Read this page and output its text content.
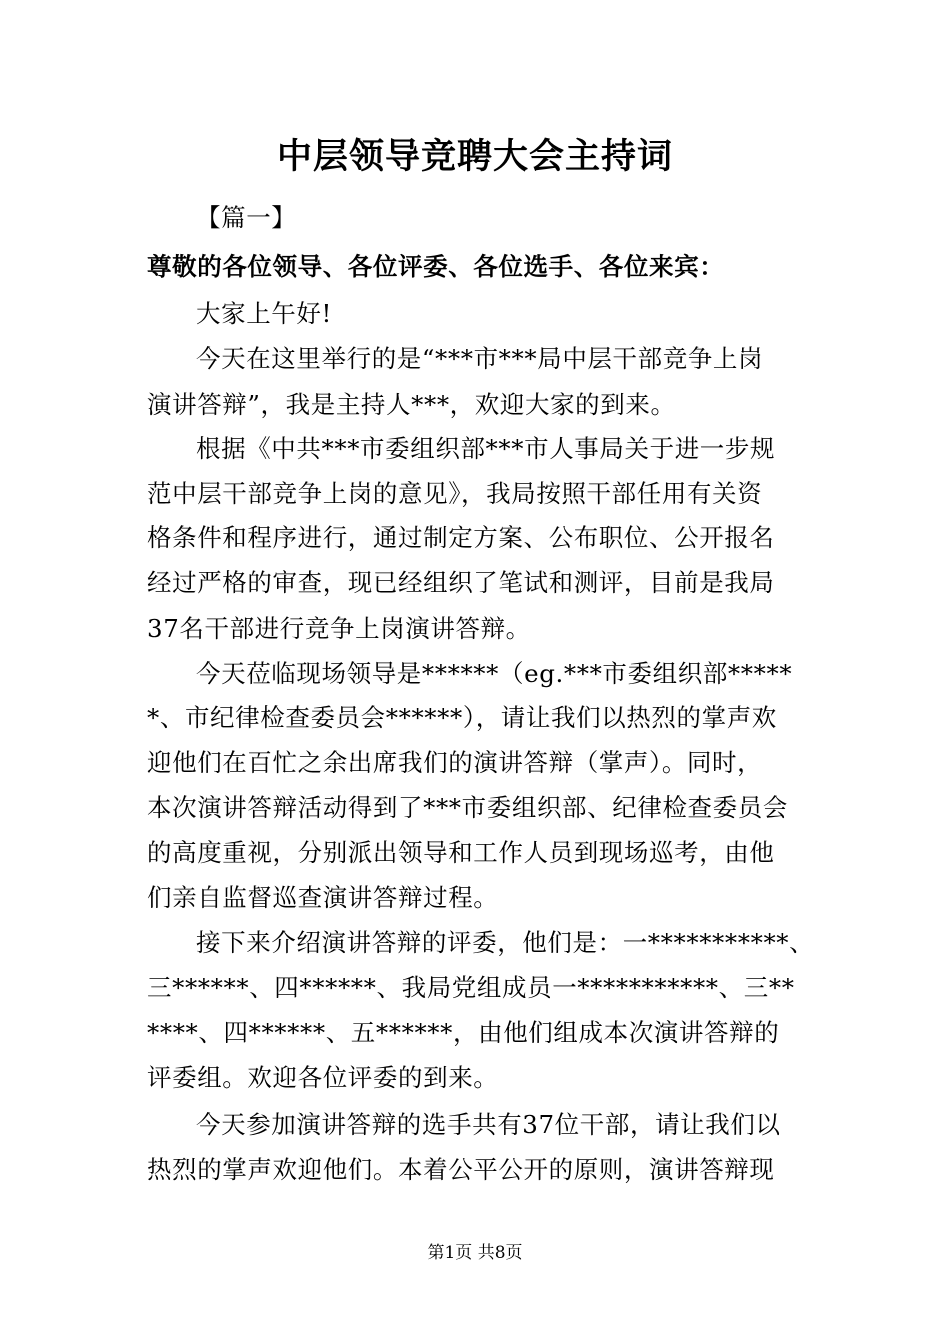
中层领导竞聘大会主持词

【篇一】

尊敬的各位领导、各位评委、各位选手、各位来宾：

大家上午好!

今天在这里举行的是“***市***局中层干部竞争上岗

演讲答辩”，我是主持人***，欢迎大家的到来。

根据《中共***市委组织部***市人事局关于进一步规

范中层干部竞争上岗的意见》，我局按照干部任用有关资

格条件和程序进行，通过制定方案、公布职位、公开报名

经过严格的审查，现已经组织了笔试和测评，目前是我局

37名干部进行竞争上岗演讲答辩。

今天莅临现场领导是******（eg.***市委组织部*****

*、市纪律检查委员会******），请让我们以热烈的掌声欢

迎他们在百忙之余出席我们的演讲答辩（掌声）。同时，

本次演讲答辩活动得到了***市委组织部、纪律检查委员会

的高度重视，分别派出领导和工作人员到现场巡考，由他

们亲自监督巡查演讲答辩过程。

接下来介绍演讲答辩的评委，他们是：一***********、

三******、四******、我局党组成员一***********、三**

****、四******、五******，由他们组成本次演讲答辩的

评委组。欢迎各位评委的到来。

今天参加演讲答辩的选手共有37位干部，请让我们以

热烈的掌声欢迎他们。本着公平公开的原则，演讲答辩现

第1页 共8页
